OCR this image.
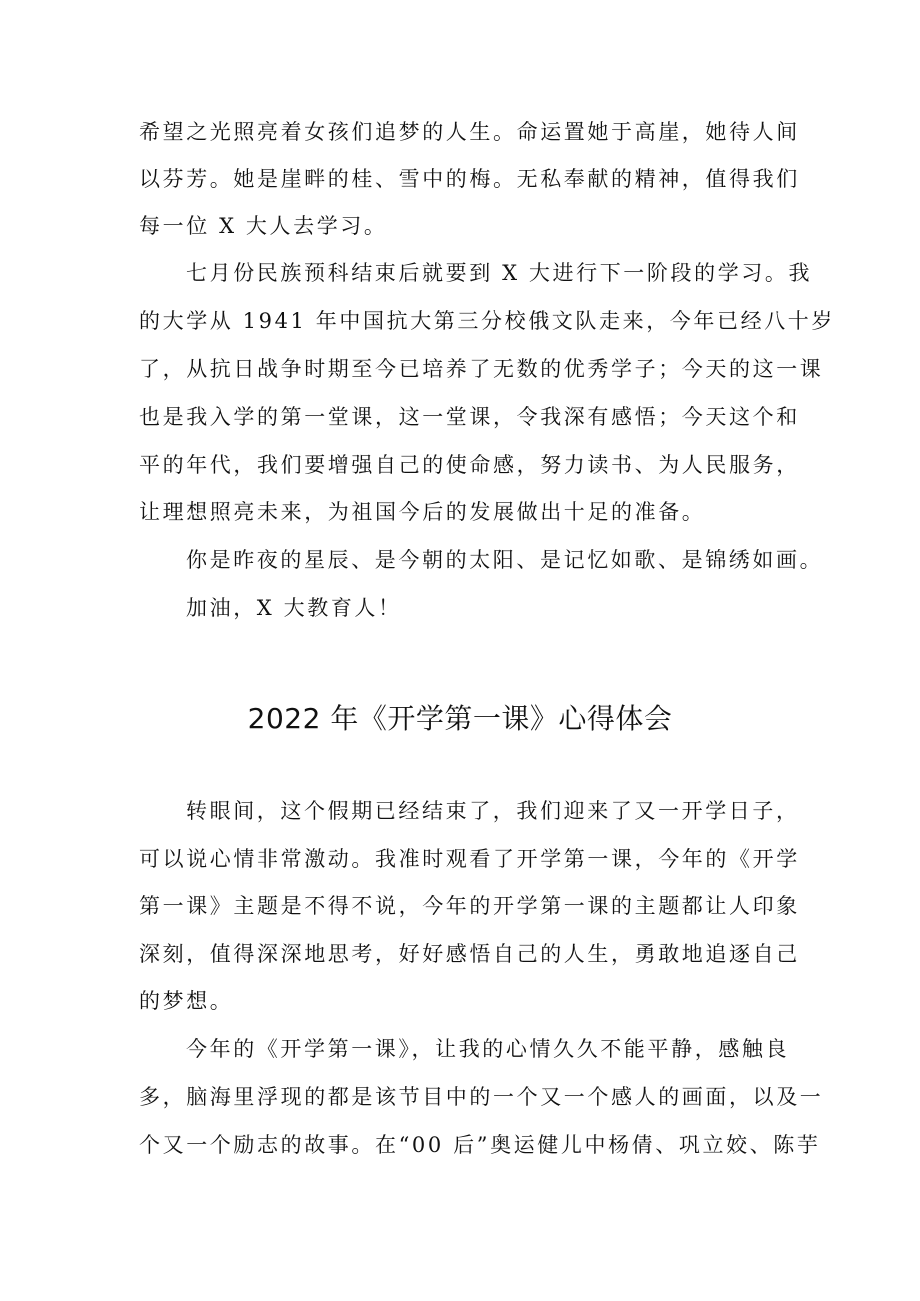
希望之光照亮着女孩们追梦的人生。命运置她于高崖，她待人间
以芬芳。她是崖畔的桂、雪中的梅。无私奉献的精神，值得我们
每一位 X 大人去学习。
七月份民族预科结束后就要到 X 大进行下一阶段的学习。我
的大学从 1941 年中国抗大第三分校俄文队走来，今年已经八十岁
了，从抗日战争时期至今已培养了无数的优秀学子；今天的这一课
也是我入学的第一堂课，这一堂课，令我深有感悟；今天这个和
平的年代，我们要增强自己的使命感，努力读书、为人民服务，
让理想照亮未来，为祖国今后的发展做出十足的准备。
你是昨夜的星辰、是今朝的太阳、是记忆如歌、是锦绣如画。
加油，X 大教育人！
2022 年《开学第一课》心得体会
转眼间，这个假期已经结束了，我们迎来了又一开学日子，
可以说心情非常激动。我准时观看了开学第一课，今年的《开学
第一课》主题是不得不说，今年的开学第一课的主题都让人印象
深刻，值得深深地思考，好好感悟自己的人生，勇敢地追逐自己
的梦想。
今年的《开学第一课》，让我的心情久久不能平静，感触良
多，脑海里浮现的都是该节目中的一个又一个感人的画面，以及一
个又一个励志的故事。在“00 后”奥运健儿中杨倩、巩立姣、陈芋
